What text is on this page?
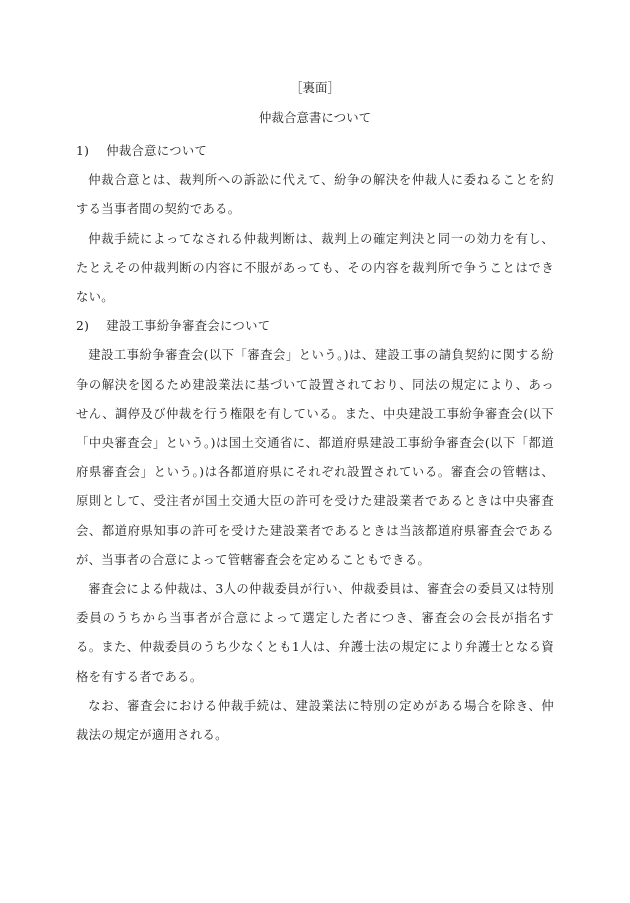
［裏面］
仲裁合意書について
1)　 仲裁合意について

仲裁合意とは、裁判所への訴訟に代えて、紛争の解決を仲裁人に委ねることを約する当事者間の契約である。

仲裁手続によってなされる仲裁判断は、裁判上の確定判決と同一の効力を有し、たとえその仲裁判断の内容に不服があっても、その内容を裁判所で争うことはできない。

2)　 建設工事紛争審査会について

建設工事紛争審査会(以下「審査会」という。)は、建設工事の請負契約に関する紛争の解決を図るため建設業法に基づいて設置されており、同法の規定により、あっせん、調停及び仲裁を行う権限を有している。また、中央建設工事紛争審査会(以下「中央審査会」という。)は国土交通省に、都道府県建設工事紛争審査会(以下「都道府県審査会」という。)は各都道府県にそれぞれ設置されている。審査会の管轄は、原則として、受注者が国土交通大臣の許可を受けた建設業者であるときは中央審査会、都道府県知事の許可を受けた建設業者であるときは当該都道府県審査会であるが、当事者の合意によって管轄審査会を定めることもできる。

審査会による仲裁は、3人の仲裁委員が行い、仲裁委員は、審査会の委員又は特別委員のうちから当事者が合意によって選定した者につき、審査会の会長が指名する。また、仲裁委員のうち少なくとも1人は、弁護士法の規定により弁護士となる資格を有する者である。

なお、審査会における仲裁手続は、建設業法に特別の定めがある場合を除き、仲裁法の規定が適用される。
